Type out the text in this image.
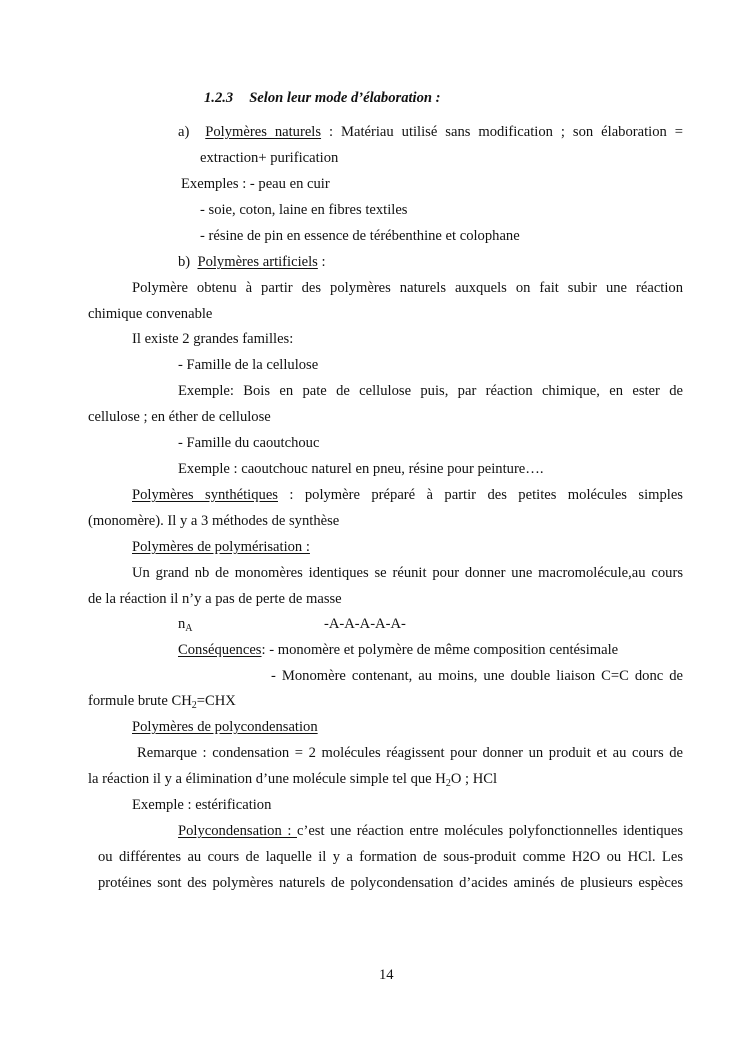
1.2.3 Selon leur mode d’élaboration :
a) Polymères naturels : Matériau utilisé sans modification ; son élaboration =
extraction+ purification
Exemples : - peau en cuir
- soie, coton, laine en fibres textiles
- résine de pin en essence de térébenthine et colophane
b) Polymères artificiels :
Polymère obtenu à partir des polymères naturels auxquels on fait subir une réaction
chimique convenable
Il existe 2 grandes familles:
- Famille de la cellulose
Exemple: Bois en pate de cellulose puis, par réaction chimique, en ester de
cellulose ; en éther de cellulose
- Famille du caoutchouc
Exemple : caoutchouc naturel en pneu, résine pour peinture….
Polymères synthétiques : polymère préparé à partir des petites molécules simples
(monomère). Il y a 3 méthodes de synthèse
Polymères de polymérisation :
Un grand nb de monomères identiques se réunit pour donner une macromolécule,au cours
de la réaction il n’y a pas de perte de masse
$n_A$	-A-A-A-A-A-
Conséquences: - monomère et polymère de même composition centésimale
- Monomère contenant, au moins, une double liaison C=C donc de
formule brute $CH_2=CHX$
Polymères de polycondensation
Remarque : condensation = 2 molécules réagissent pour donner un produit et au cours de
la réaction il y a élimination d’une molécule simple tel que $H_2O$ ; HCl
Exemple : estérification
Polycondensation : c’est une réaction entre molécules polyfonctionnelles identiques
ou différentes au cours de laquelle il y a formation de sous-produit comme H2O ou HCl. Les
protéines sont des polymères naturels de polycondensation d’acides aminés de plusieurs espèces
14
